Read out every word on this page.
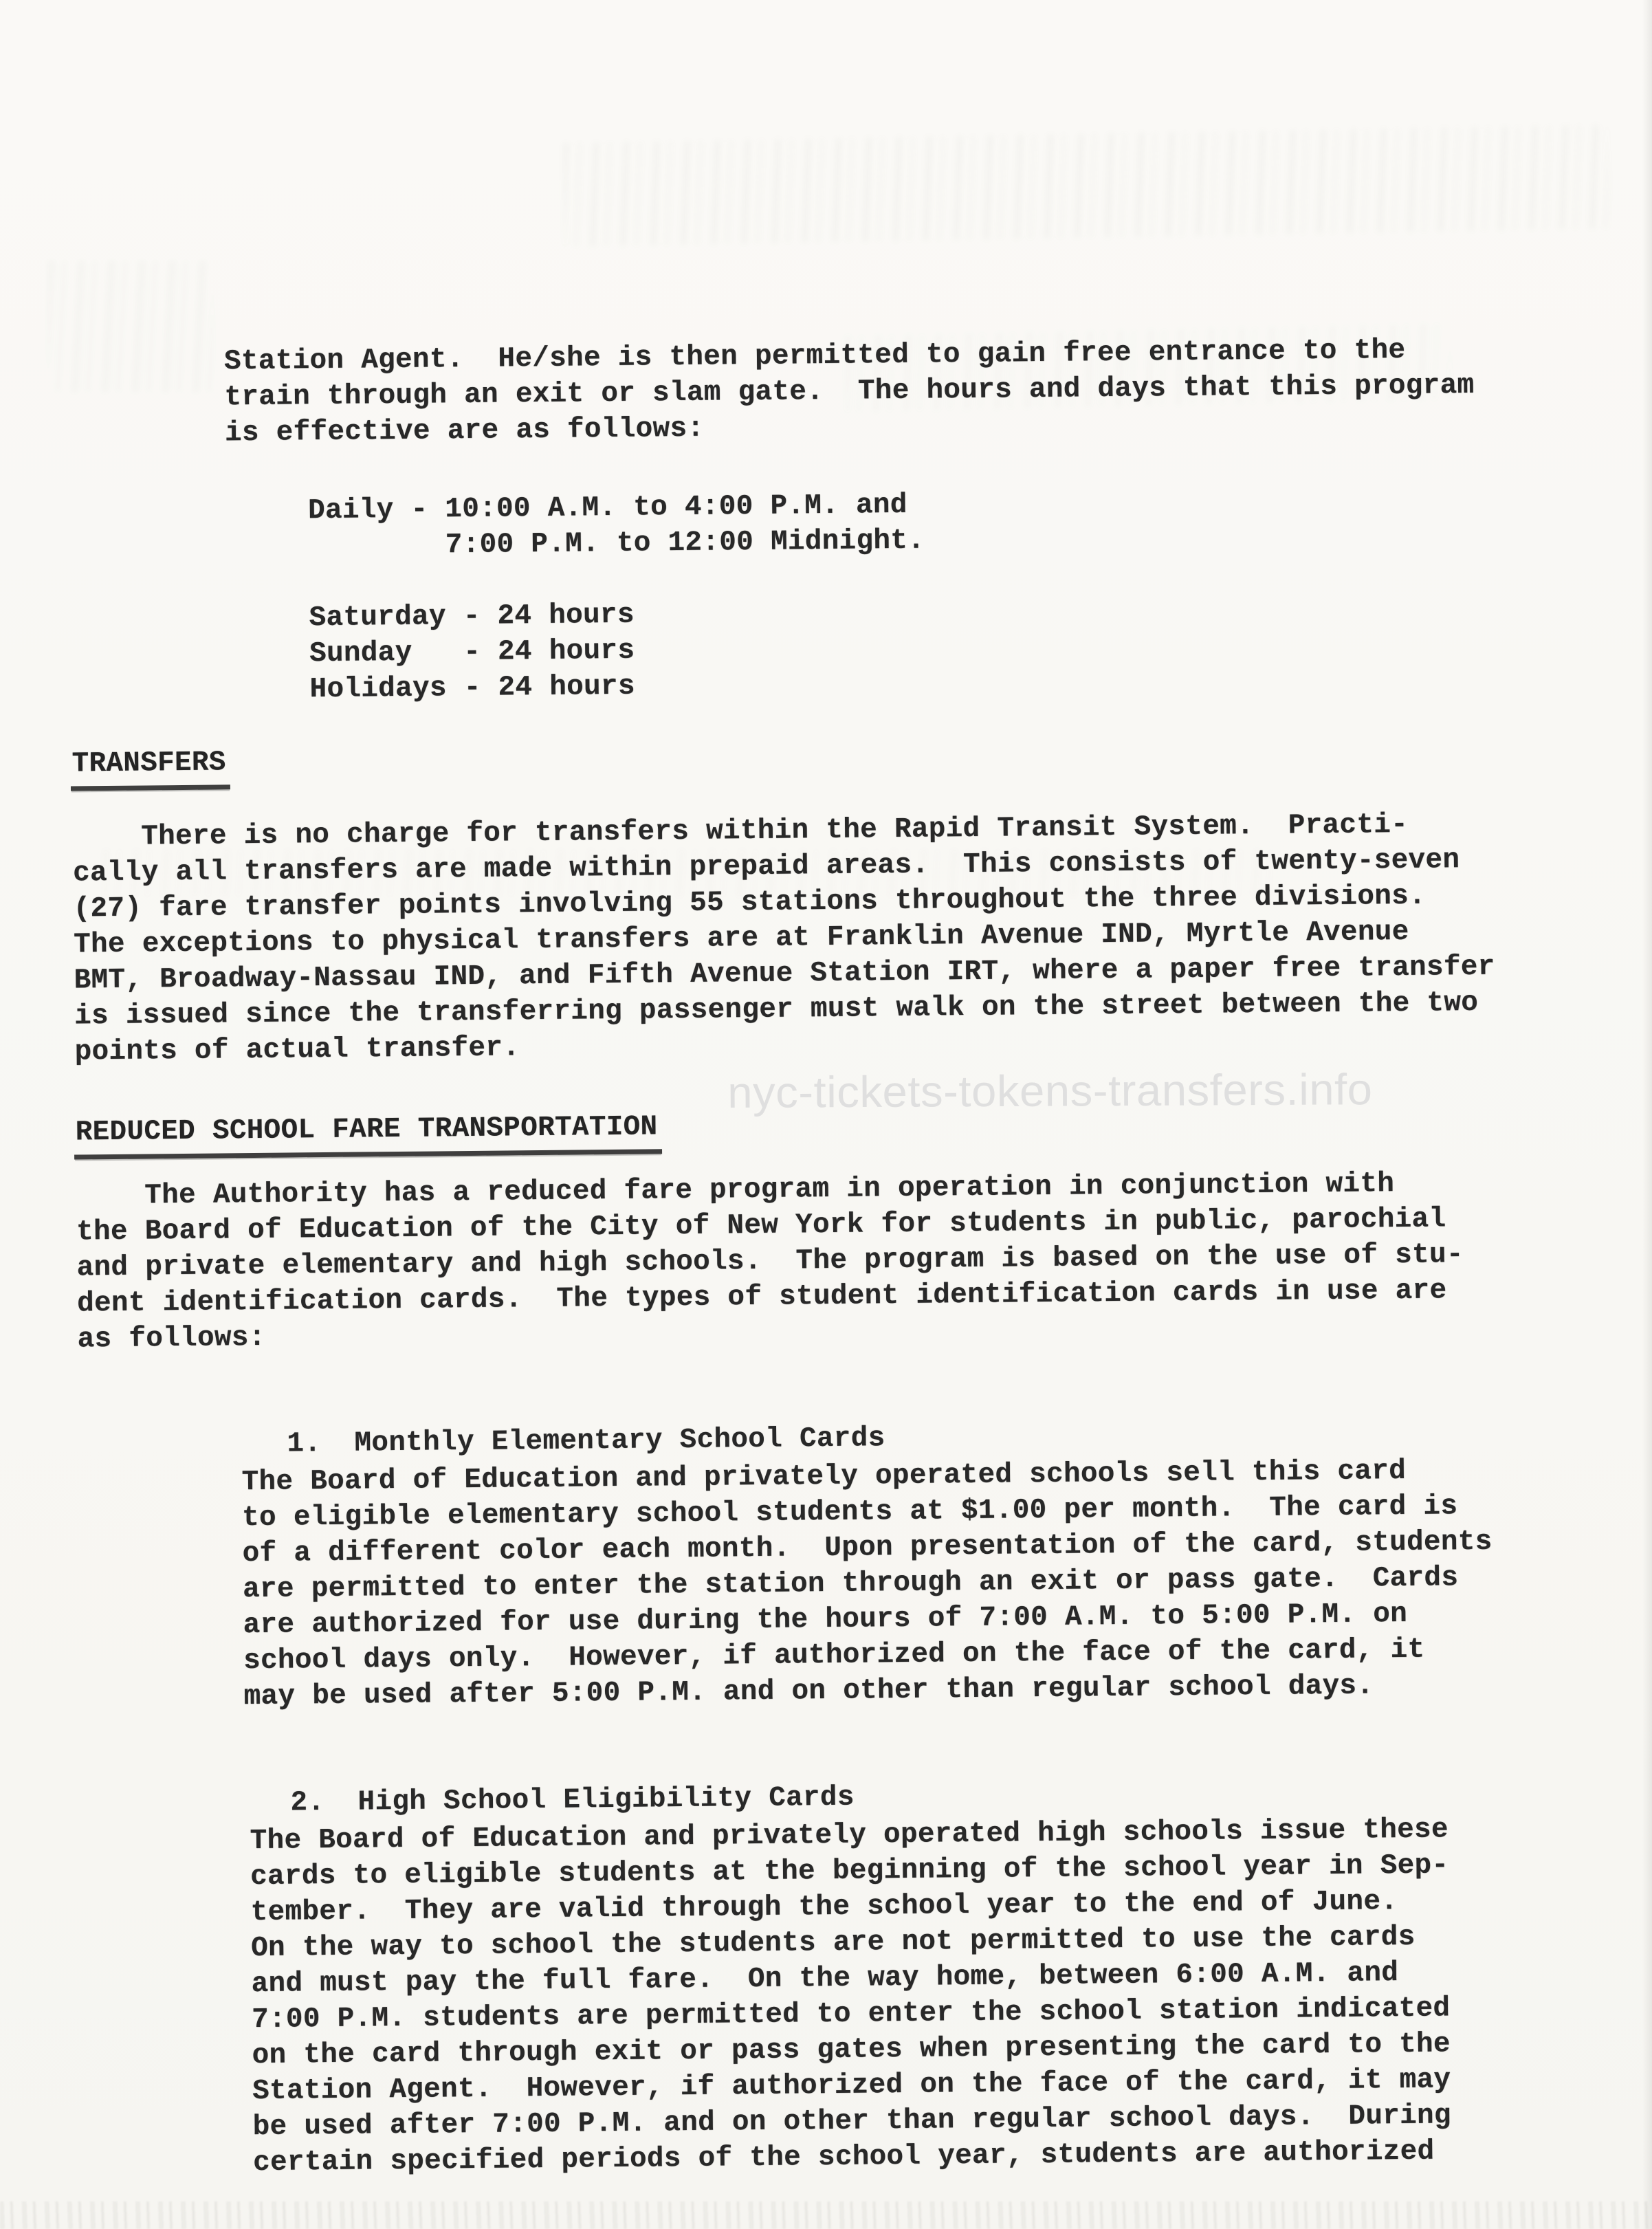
nyc-tickets-tokens-transfers.info
Station Agent.  He/she is then permitted to gain free entrance to the
train through an exit or slam gate.  The hours and days that this program
is effective are as follows:
Daily - 10:00 A.M. to 4:00 P.M. and
7:00 P.M. to 12:00 Midnight.
Saturday - 24 hours
Sunday   - 24 hours
Holidays - 24 hours
TRANSFERS
There is no charge for transfers within the Rapid Transit System.  Practi-
cally all transfers are made within prepaid areas.  This consists of twenty-seven
(27) fare transfer points involving 55 stations throughout the three divisions.
The exceptions to physical transfers are at Franklin Avenue IND, Myrtle Avenue
BMT, Broadway-Nassau IND, and Fifth Avenue Station IRT, where a paper free transfer
is issued since the transferring passenger must walk on the street between the two
points of actual transfer.
REDUCED SCHOOL FARE TRANSPORTATION
The Authority has a reduced fare program in operation in conjunction with
the Board of Education of the City of New York for students in public, parochial
and private elementary and high schools.  The program is based on the use of stu-
dent identification cards.  The types of student identification cards in use are
as follows:

1. Monthly Elementary School Cards

The Board of Education and privately operated schools sell this card
to eligible elementary school students at $1.00 per month.  The card is
of a different color each month.  Upon presentation of the card, students
are permitted to enter the station through an exit or pass gate.  Cards
are authorized for use during the hours of 7:00 A.M. to 5:00 P.M. on
school days only.  However, if authorized on the face of the card, it
may be used after 5:00 P.M. and on other than regular school days.

2. High School Eligibility Cards

The Board of Education and privately operated high schools issue these
cards to eligible students at the beginning of the school year in Sep-
tember.  They are valid through the school year to the end of June.
On the way to school the students are not permitted to use the cards
and must pay the full fare.  On the way home, between 6:00 A.M. and
7:00 P.M. students are permitted to enter the school station indicated
on the card through exit or pass gates when presenting the card to the
Station Agent.  However, if authorized on the face of the card, it may
be used after 7:00 P.M. and on other than regular school days.  During
certain specified periods of the school year, students are authorized
